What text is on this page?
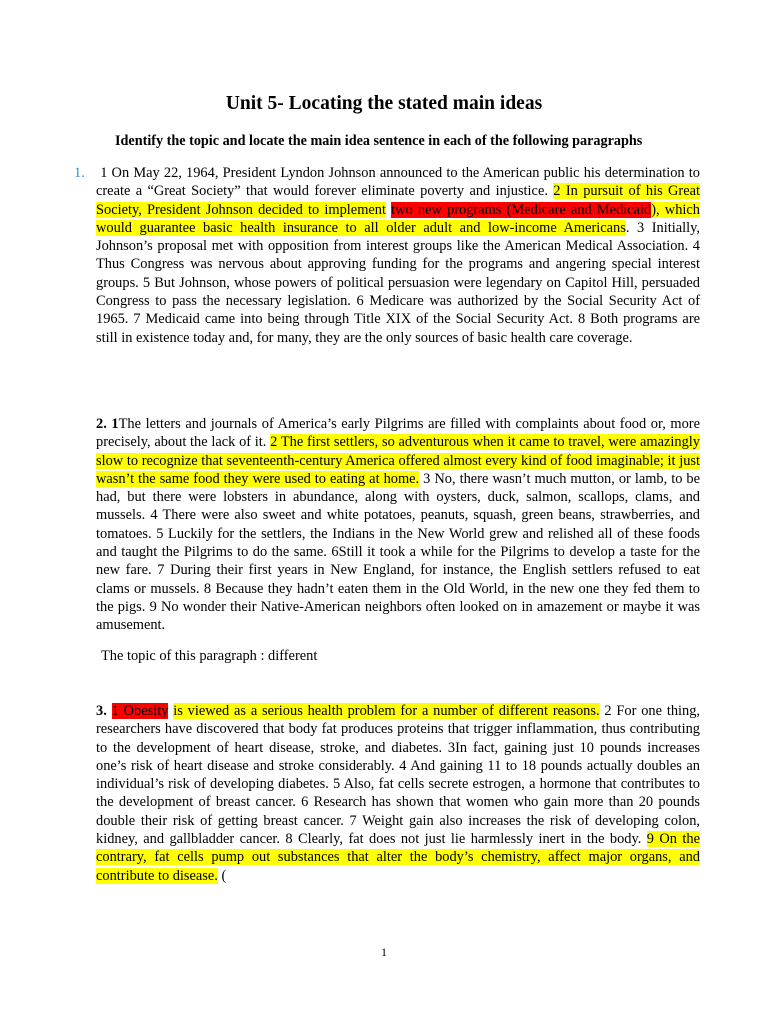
Unit 5- Locating the stated main ideas

Identify the topic and locate the main idea sentence in each of the following paragraphs

1. 1 On May 22, 1964, President Lyndon Johnson announced to the American public his determination to create a “Great Society” that would forever eliminate poverty and injustice. 2 In pursuit of his Great Society, President Johnson decided to implement two new programs (Medicare and Medicaid), which would guarantee basic health insurance to all older adult and low-income Americans. 3 Initially, Johnson’s proposal met with opposition from interest groups like the American Medical Association. 4 Thus Congress was nervous about approving funding for the programs and angering special interest groups. 5 But Johnson, whose powers of political persuasion were legendary on Capitol Hill, persuaded Congress to pass the necessary legislation. 6 Medicare was authorized by the Social Security Act of 1965. 7 Medicaid came into being through Title XIX of the Social Security Act. 8 Both programs are still in existence today and, for many, they are the only sources of basic health care coverage.

2. 1The letters and journals of America’s early Pilgrims are filled with complaints about food or, more precisely, about the lack of it. 2 The first settlers, so adventurous when it came to travel, were amazingly slow to recognize that seventeenth-century America offered almost every kind of food imaginable; it just wasn’t the same food they were used to eating at home. 3 No, there wasn’t much mutton, or lamb, to be had, but there were lobsters in abundance, along with oysters, duck, salmon, scallops, clams, and mussels. 4 There were also sweet and white potatoes, peanuts, squash, green beans, strawberries, and tomatoes. 5 Luckily for the settlers, the Indians in the New World grew and relished all of these foods and taught the Pilgrims to do the same. 6Still it took a while for the Pilgrims to develop a taste for the new fare. 7 During their first years in New England, for instance, the English settlers refused to eat clams or mussels. 8 Because they hadn’t eaten them in the Old World, in the new one they fed them to the pigs. 9 No wonder their Native-American neighbors often looked on in amazement or maybe it was amusement.

The topic of this paragraph : different

3. 1 Obesity is viewed as a serious health problem for a number of different reasons. 2 For one thing, researchers have discovered that body fat produces proteins that trigger inflammation, thus contributing to the development of heart disease, stroke, and diabetes. 3In fact, gaining just 10 pounds increases one’s risk of heart disease and stroke considerably. 4 And gaining 11 to 18 pounds actually doubles an individual’s risk of developing diabetes. 5 Also, fat cells secrete estrogen, a hormone that contributes to the development of breast cancer. 6 Research has shown that women who gain more than 20 pounds double their risk of getting breast cancer. 7 Weight gain also increases the risk of developing colon, kidney, and gallbladder cancer. 8 Clearly, fat does not just lie harmlessly inert in the body. 9 On the contrary, fat cells pump out substances that alter the body’s chemistry, affect major organs, and contribute to disease. (

1
